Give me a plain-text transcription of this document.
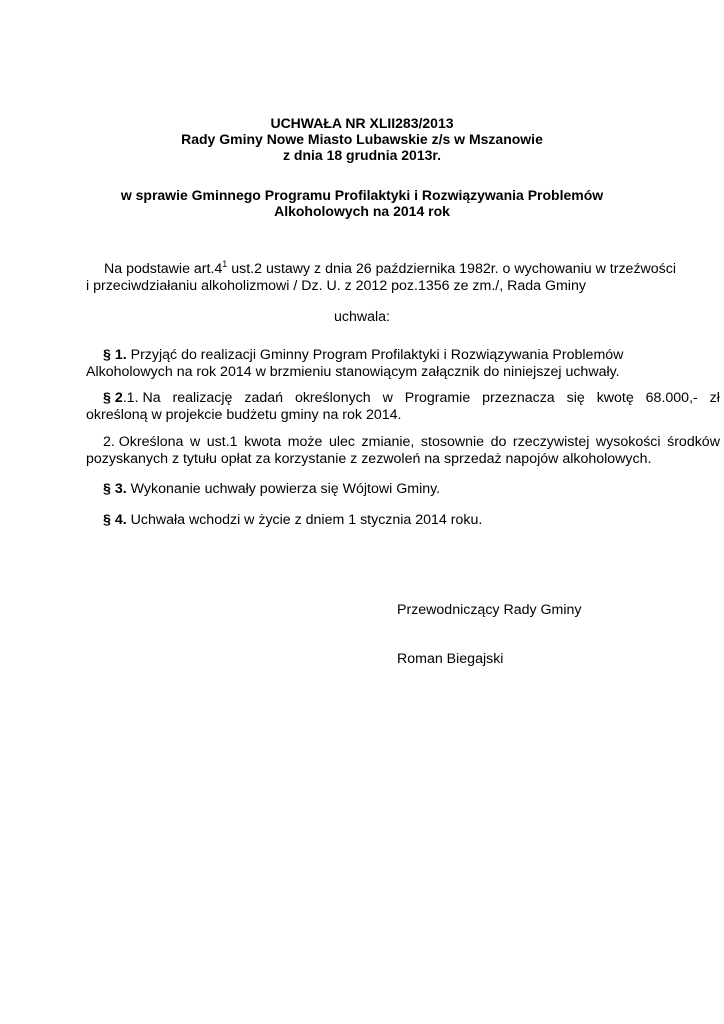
UCHWAŁA NR XLII283/2013
Rady Gminy Nowe Miasto Lubawskie z/s w Mszanowie
z dnia 18 grudnia 2013r.
w sprawie Gminnego Programu Profilaktyki i Rozwiązywania Problemów
Alkoholowych na 2014 rok

Na podstawie $art.4^1$ ust.2 ustawy z dnia 26 października 1982r. o wychowaniu w trzeźwości
i przeciwdziałaniu alkoholizmowi / Dz. U. z 2012 poz.1356 ze zm./, Rada Gminy

uchwala:

§ 1. Przyjąć do realizacji Gminny Program Profilaktyki i Rozwiązywania Problemów
Alkoholowych na rok 2014 w brzmieniu stanowiącym załącznik do niniejszej uchwały.

§ 2.1. Na realizację zadań określonych w Programie przeznacza się kwotę 68.000,- zł
określoną w projekcie budżetu gminy na rok 2014.

2. Określona w ust.1 kwota może ulec zmianie, stosownie do rzeczywistej wysokości środków
pozyskanych z tytułu opłat za korzystanie z zezwoleń na sprzedaż napojów alkoholowych.

§ 3. Wykonanie uchwały powierza się Wójtowi Gminy.

§ 4. Uchwała wchodzi w życie z dniem 1 stycznia 2014 roku.

Przewodniczący Rady Gminy
Roman Biegajski
